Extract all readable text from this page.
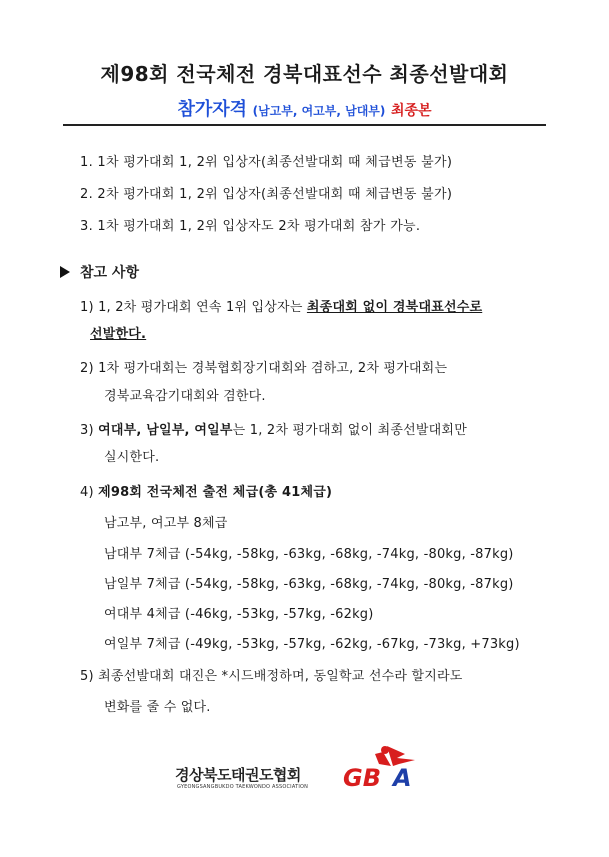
제98회 전국체전 경북대표선수 최종선발대회
참가자격 (남고부, 여고부, 남대부) 최종본
1. 1차 평가대회 1, 2위 입상자(최종선발대회 때 체급변동 불가)
2. 2차 평가대회 1, 2위 입상자(최종선발대회 때 체급변동 불가)
3. 1차 평가대회 1, 2위 입상자도 2차 평가대회 참가 가능.
참고 사항
1) 1, 2차 평가대회 연속 1위 입상자는 최종대회 없이 경북대표선수로
선발한다.
2) 1차 평가대회는 경북협회장기대회와 겸하고, 2차 평가대회는
경북교육감기대회와 겸한다.
3) 여대부, 남일부, 여일부는 1, 2차 평가대회 없이 최종선발대회만
실시한다.
4) 제98회 전국체전 출전 체급(총 41체급)
남고부, 여고부 8체급
남대부 7체급 (-54kg, -58kg, -63kg, -68kg, -74kg, -80kg, -87kg)
남일부 7체급 (-54kg, -58kg, -63kg, -68kg, -74kg, -80kg, -87kg)
여대부 4체급 (-46kg, -53kg, -57kg, -62kg)
여일부 7체급 (-49kg, -53kg, -57kg, -62kg, -67kg, -73kg, +73kg)
5) 최종선발대회 대진은 *시드배정하며, 동일학교 선수라 할지라도
변화를 줄 수 없다.
경상북도태권도협회
GYEONGSANGBUKDO TAEKWONDO ASSOCIATION GB A
